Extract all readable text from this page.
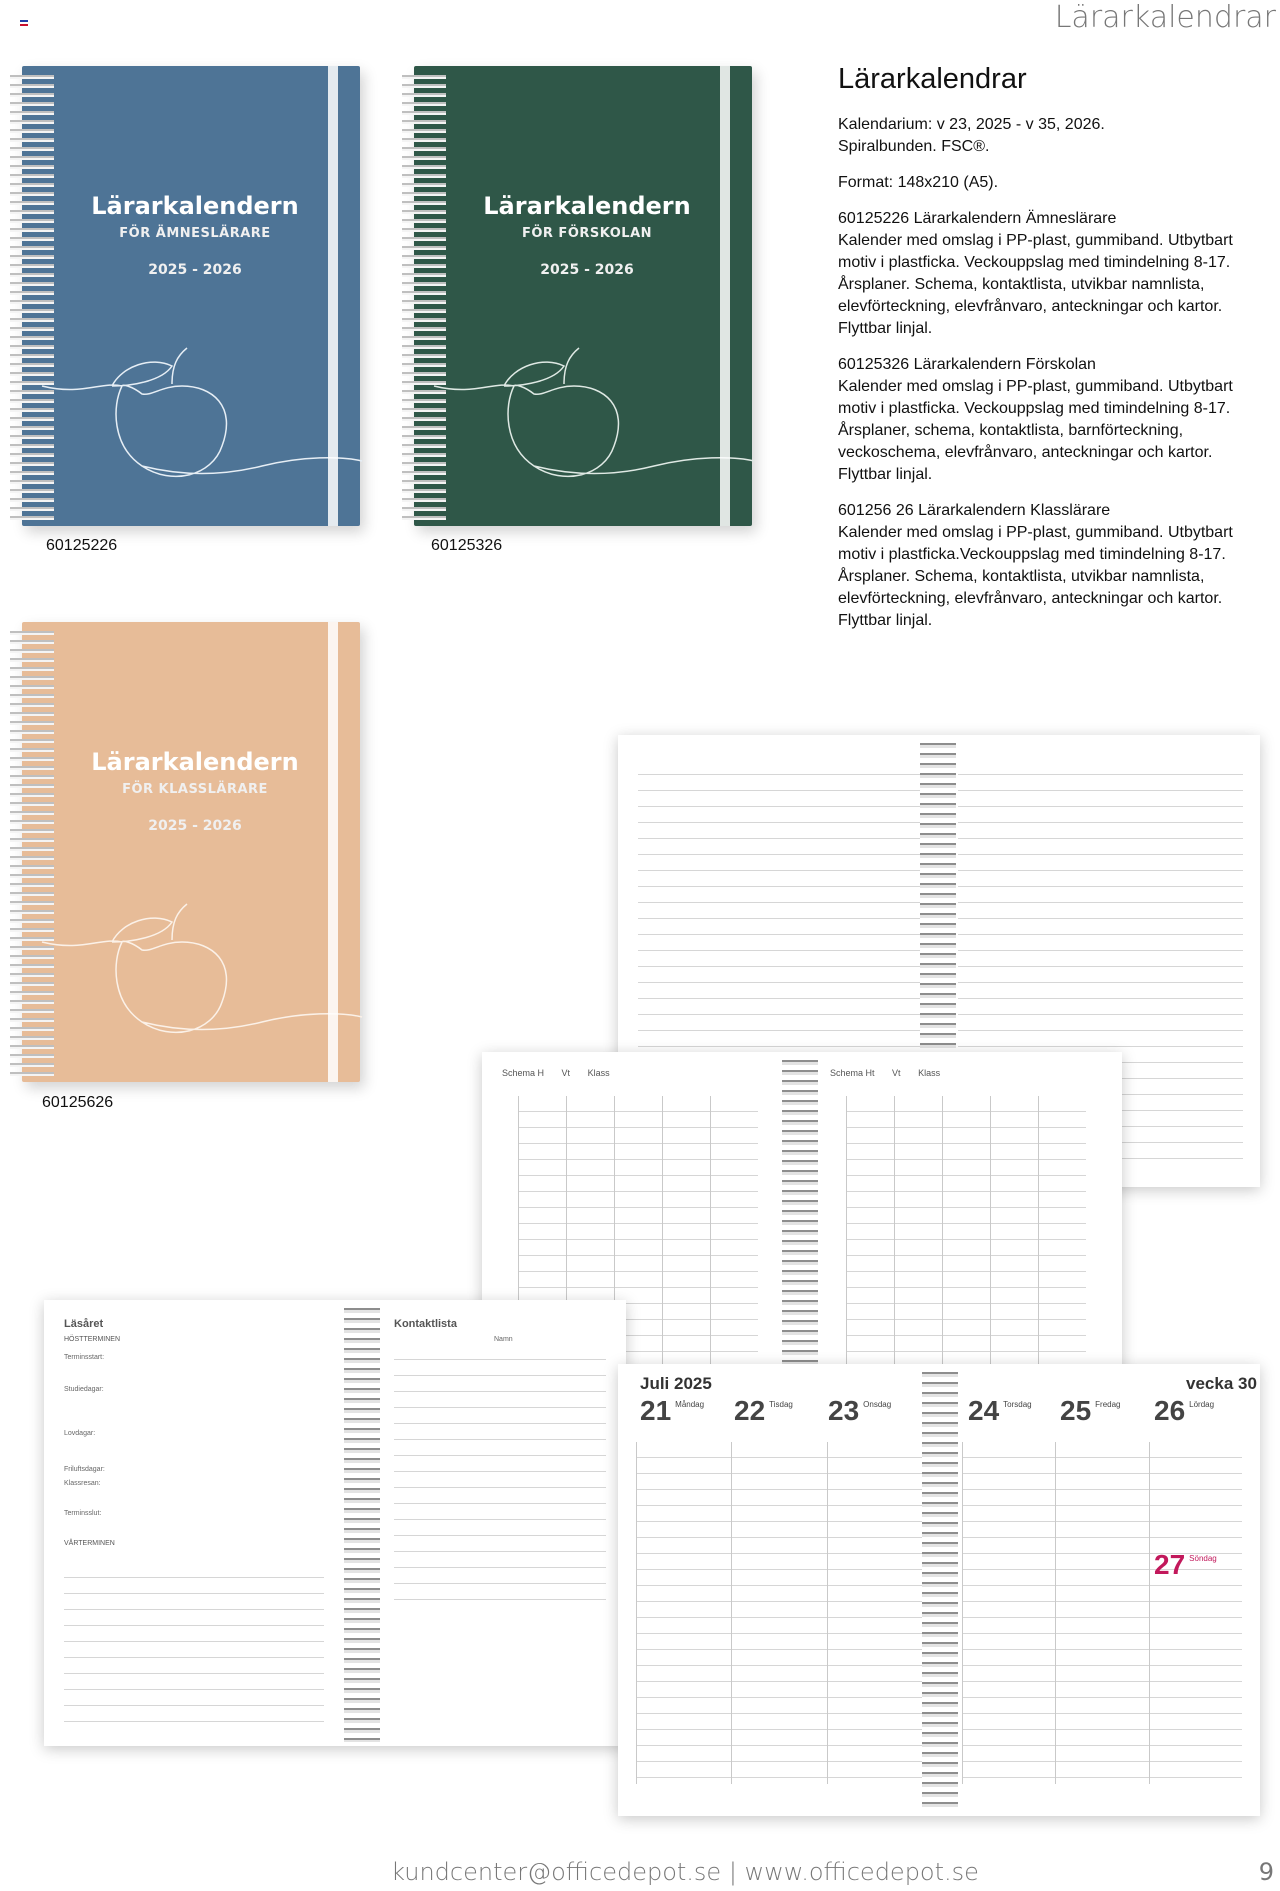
Lärarkalendrar
Lärarkalendern
FÖR ÄMNESLÄRARE
2025 - 2026
60125226
Lärarkalendern
FÖR FÖRSKOLAN
2025 - 2026
60125326
Lärarkalendern
FÖR KLASSLÄRARE
2025 - 2026
60125626
Lärarkalendrar

Kalendarium: v 23, 2025 - v 35, 2026.
Spiralbunden. FSC®.

Format: 148x210 (A5).

60125226 Lärarkalendern Ämneslärare
Kalender med omslag i PP-plast, gummiband. Utbytbart motiv i plastficka. Veckouppslag med timindelning 8-17. Årsplaner. Schema, kontaktlista, utvikbar namnlista, elevförteckning, elevfrånvaro, anteckningar och kartor. Flyttbar linjal.

60125326 Lärarkalendern Förskolan
Kalender med omslag i PP-plast, gummiband. Utbytbart motiv i plastficka. Veckouppslag med timindelning 8-17. Årsplaner, schema, kontaktlista, barnförteckning, veckoschema, elevfrånvaro, anteckningar och kartor. Flyttbar linjal.

601256 26 Lärarkalendern Klasslärare
Kalender med omslag i PP-plast, gummiband. Utbytbart motiv i plastficka.Veckouppslag med timindelning 8-17. Årsplaner. Schema, kontaktlista, utvikbar namnlista, elevförteckning, elevfrånvaro, anteckningar och kartor. Flyttbar linjal.

Schema H Vt Klass	Schema Ht Vt Klass
Läsåret
HÖSTTERMINEN
Terminsstart:
Studiedagar:
Lovdagar:
Friluftsdagar:
Klassresan:
Terminsslut:
VÅRTERMINEN
Kontaktlista
Namn
Juli 2025	vecka 30
21 Måndag 22 Tisdag 23 Onsdag	24 Torsdag 25 Fredag 26 Lördag
27 Söndag
kundcenter@officedepot.se | www.officedepot.se	9
